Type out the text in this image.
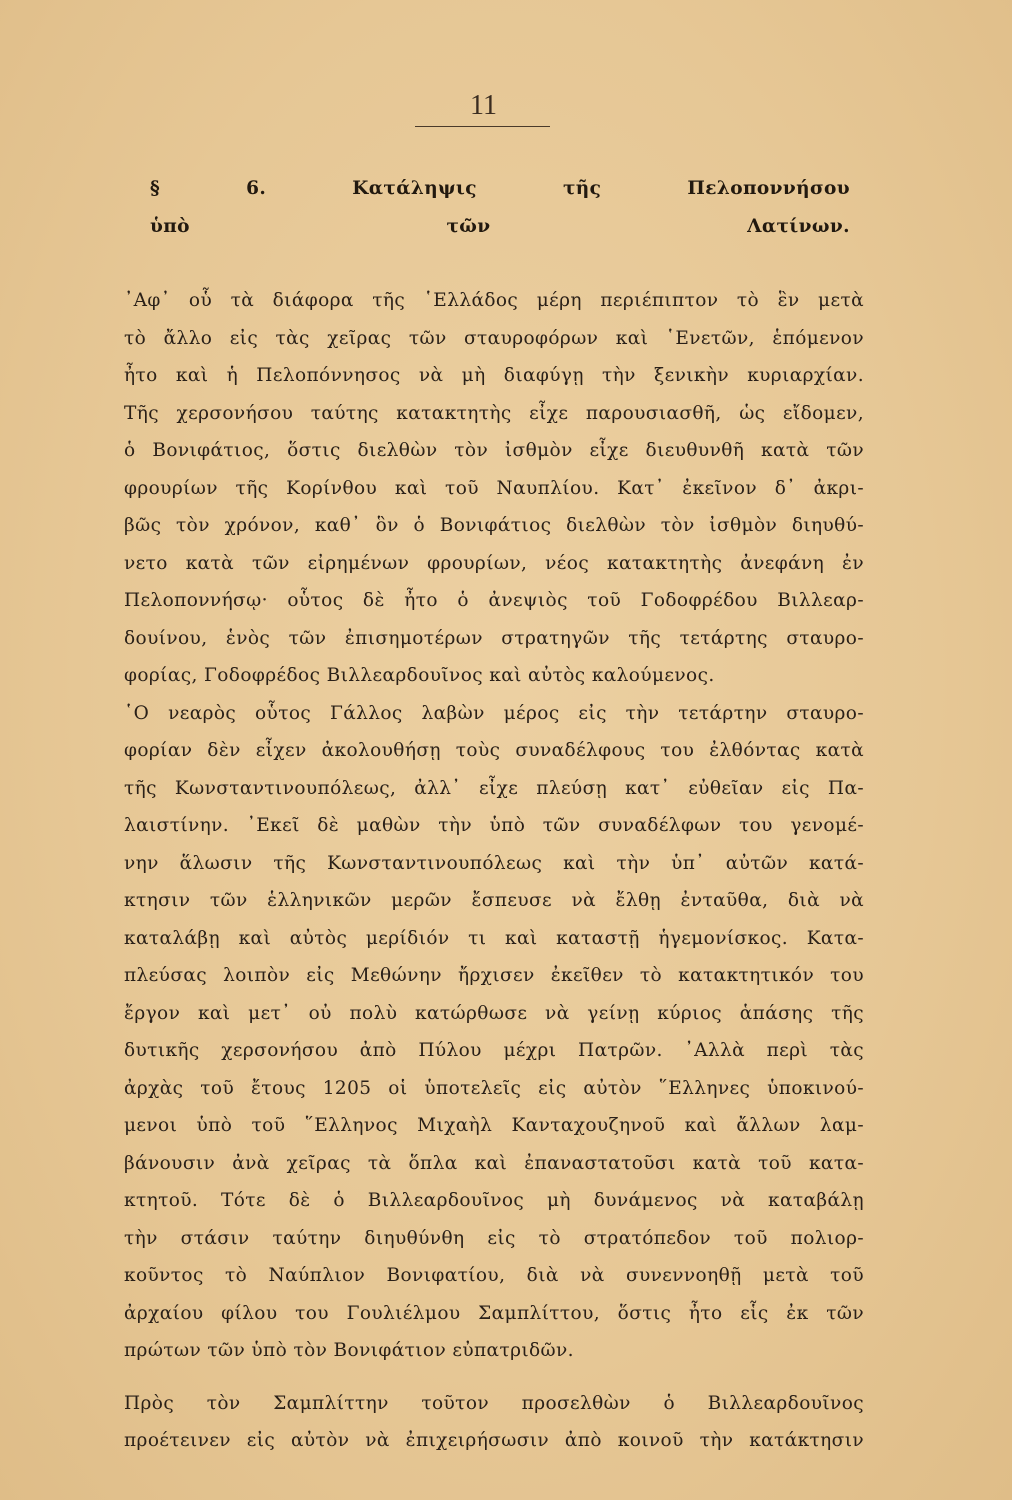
11
§ 6. Κατάληψις τῆς Πελοποννήσου
ὑπὸ τῶν Λατίνων.
᾿Αφ᾿ οὗ τὰ διάφορα τῆς ῾Ελλάδος μέρη περιέπιπτον τὸ ἓν μετὰ
τὸ ἄλλο εἰς τὰς χεῖρας τῶν σταυροφόρων καὶ ῾Ενετῶν, ἑπόμενον
ἦτο καὶ ἡ Πελοπόννησος νὰ μὴ διαφύγῃ τὴν ξενικὴν κυριαρχίαν.
Τῆς χερσονήσου ταύτης κατακτητὴς εἶχε παρουσιασθῆ, ὡς εἴδομεν,
ὁ Βονιφάτιος, ὅστις διελθὼν τὸν ἰσθμὸν εἶχε διευθυνθῆ κατὰ τῶν
φρουρίων τῆς Κορίνθου καὶ τοῦ Ναυπλίου. Κατ᾿ ἐκεῖνον δ᾿ ἀκρι-
βῶς τὸν χρόνον, καθ᾿ ὃν ὁ Βονιφάτιος διελθὼν τὸν ἰσθμὸν διηυθύ-
νετο κατὰ τῶν εἰρημένων φρουρίων, νέος κατακτητὴς ἀνεφάνη ἐν
Πελοποννήσῳ· οὗτος δὲ ἦτο ὁ ἀνεψιὸς τοῦ Γοδοφρέδου Βιλλεαρ-
δουίνου, ἑνὸς τῶν ἐπισημοτέρων στρατηγῶν τῆς τετάρτης σταυρο-
φορίας, Γοδοφρέδος Βιλλεαρδουῖνος καὶ αὐτὸς καλούμενος.
῾Ο νεαρὸς οὗτος Γάλλος λαβὼν μέρος εἰς τὴν τετάρτην σταυρο-
φορίαν δὲν εἶχεν ἀκολουθήσῃ τοὺς συναδέλφους του ἐλθόντας κατὰ
τῆς Κωνσταντινουπόλεως, ἀλλ᾿ εἶχε πλεύσῃ κατ᾿ εὐθεῖαν εἰς Πα-
λαιστίνην. ᾿Εκεῖ δὲ μαθὼν τὴν ὑπὸ τῶν συναδέλφων του γενομέ-
νην ἅλωσιν τῆς Κωνσταντινουπόλεως καὶ τὴν ὑπ᾿ αὐτῶν κατά-
κτησιν τῶν ἑλληνικῶν μερῶν ἔσπευσε νὰ ἔλθῃ ἐνταῦθα, διὰ νὰ
καταλάβῃ καὶ αὐτὸς μερίδιόν τι καὶ καταστῇ ἡγεμονίσκος. Κατα-
πλεύσας λοιπὸν εἰς Μεθώνην ἤρχισεν ἐκεῖθεν τὸ κατακτητικόν του
ἔργον καὶ μετ᾿ οὐ πολὺ κατώρθωσε νὰ γείνῃ κύριος ἁπάσης τῆς
δυτικῆς χερσονήσου ἀπὸ Πύλου μέχρι Πατρῶν. ᾿Αλλὰ περὶ τὰς
ἀρχὰς τοῦ ἔτους 1205 οἱ ὑποτελεῖς εἰς αὐτὸν ῞Ελληνες ὑποκινού-
μενοι ὑπὸ τοῦ ῞Ελληνος Μιχαὴλ Κανταχουζηνοῦ καὶ ἄλλων λαμ-
βάνουσιν ἀνὰ χεῖρας τὰ ὅπλα καὶ ἐπαναστατοῦσι κατὰ τοῦ κατα-
κτητοῦ. Τότε δὲ ὁ Βιλλεαρδουῖνος μὴ δυνάμενος νὰ καταβάλῃ
τὴν στάσιν ταύτην διηυθύνθη εἰς τὸ στρατόπεδον τοῦ πολιορ-
κοῦντος τὸ Ναύπλιον Βονιφατίου, διὰ νὰ συνεννοηθῇ μετὰ τοῦ
ἀρχαίου φίλου του Γουλιέλμου Σαμπλίττου, ὅστις ἦτο εἷς ἐκ τῶν
πρώτων τῶν ὑπὸ τὸν Βονιφάτιον εὐπατριδῶν.
Πρὸς τὸν Σαμπλίττην τοῦτον προσελθὼν ὁ Βιλλεαρδουῖνος
προέτεινεν εἰς αὐτὸν νὰ ἐπιχειρήσωσιν ἀπὸ κοινοῦ τὴν κατάκτησιν
